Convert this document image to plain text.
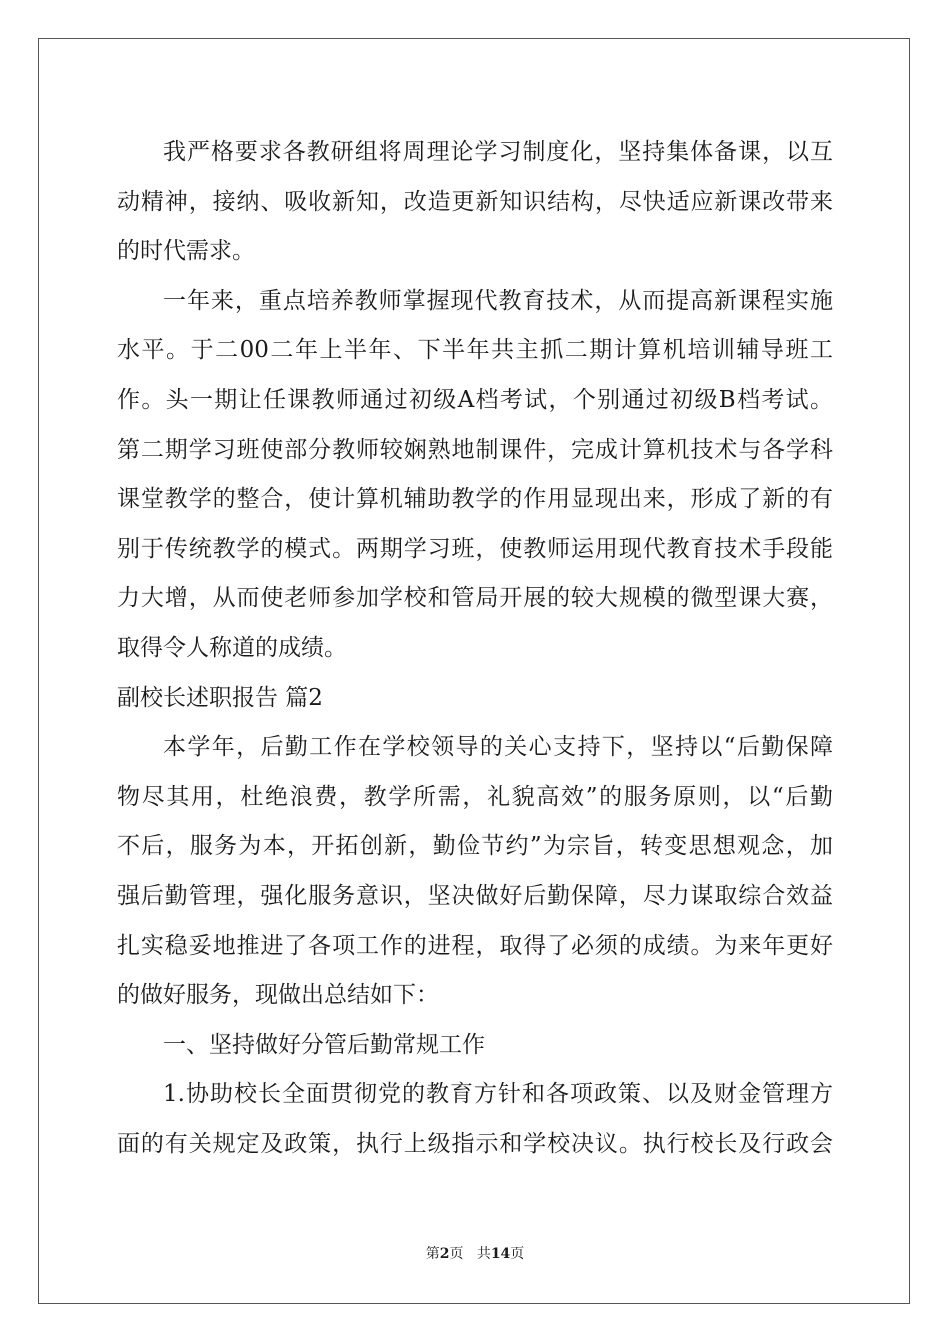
我严格要求各教研组将周理论学习制度化，坚持集体备课，以互
动精神，接纳、吸收新知，改造更新知识结构，尽快适应新课改带来
的时代需求。
一年来，重点培养教师掌握现代教育技术，从而提高新课程实施
水平。于二00二年上半年、下半年共主抓二期计算机培训辅导班工
作。头一期让任课教师通过初级A档考试，个别通过初级B档考试。
第二期学习班使部分教师较娴熟地制课件，完成计算机技术与各学科
课堂教学的整合，使计算机辅助教学的作用显现出来，形成了新的有
别于传统教学的模式。两期学习班，使教师运用现代教育技术手段能
力大增，从而使老师参加学校和管局开展的较大规模的微型课大赛，
取得令人称道的成绩。
副校长述职报告 篇2
本学年，后勤工作在学校领导的关心支持下，坚持以“后勤保障
物尽其用，杜绝浪费，教学所需，礼貌高效”的服务原则，以“后勤
不后，服务为本，开拓创新，勤俭节约”为宗旨，转变思想观念，加
强后勤管理，强化服务意识，坚决做好后勤保障，尽力谋取综合效益
扎实稳妥地推进了各项工作的进程，取得了必须的成绩。为来年更好
的做好服务，现做出总结如下：
一、坚持做好分管后勤常规工作
1.协助校长全面贯彻党的教育方针和各项政策、以及财金管理方
面的有关规定及政策，执行上级指示和学校决议。执行校长及行政会
第2页 共14页
